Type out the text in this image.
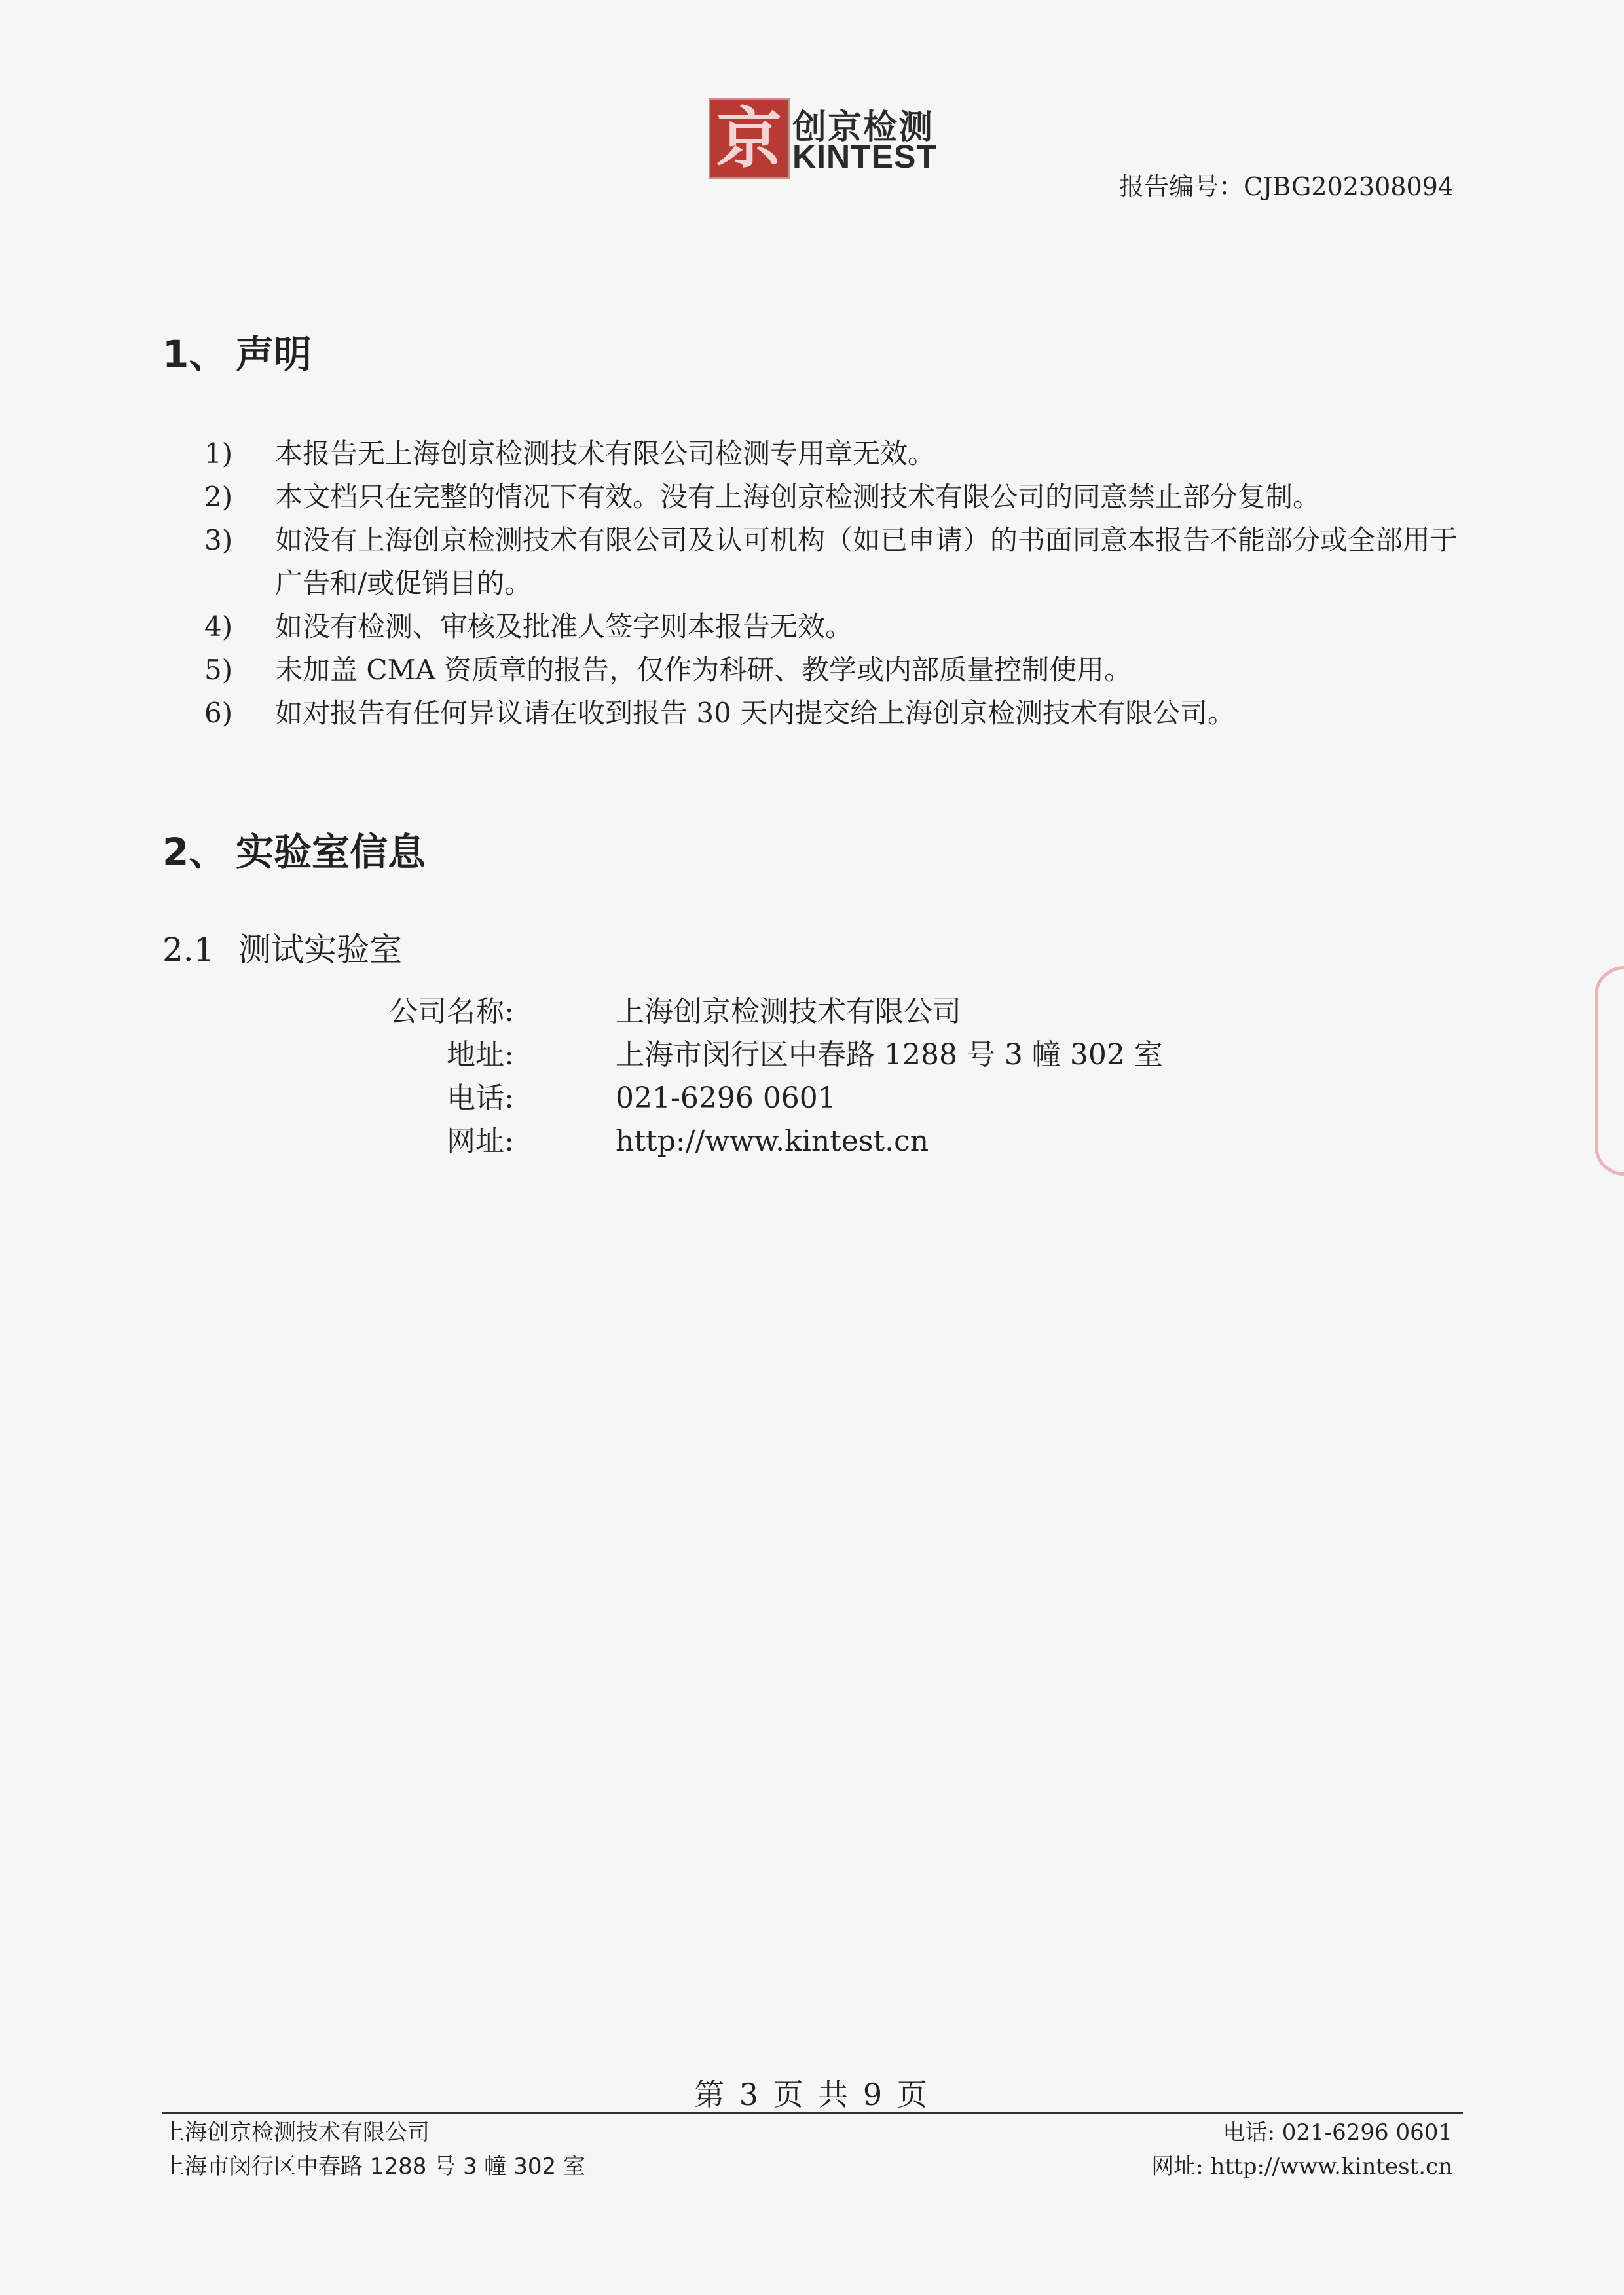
京 创京检测
KINTEST
报告编号：CJBG202308094
1、 声明
1)	本报告无上海创京检测技术有限公司检测专用章无效。
2)	本文档只在完整的情况下有效。没有上海创京检测技术有限公司的同意禁止部分复制。
3)	如没有上海创京检测技术有限公司及认可机构（如已申请）的书面同意本报告不能部分或全部用于广告和/或促销目的。
4)	如没有检测、审核及批准人签字则本报告无效。
5)	未加盖 CMA 资质章的报告，仅作为科研、教学或内部质量控制使用。
6)	如对报告有任何异议请在收到报告 30 天内提交给上海创京检测技术有限公司。
2、 实验室信息
2.1 测试实验室
公司名称:	上海创京检测技术有限公司
地址:	上海市闵行区中春路 1288 号 3 幢 302 室
电话:	021-6296 0601
网址:	http://www.kintest.cn
第 3 页 共 9 页
上海创京检测技术有限公司
上海市闵行区中春路 1288 号 3 幢 302 室
电话: 021-6296 0601
网址: http://www.kintest.cn
